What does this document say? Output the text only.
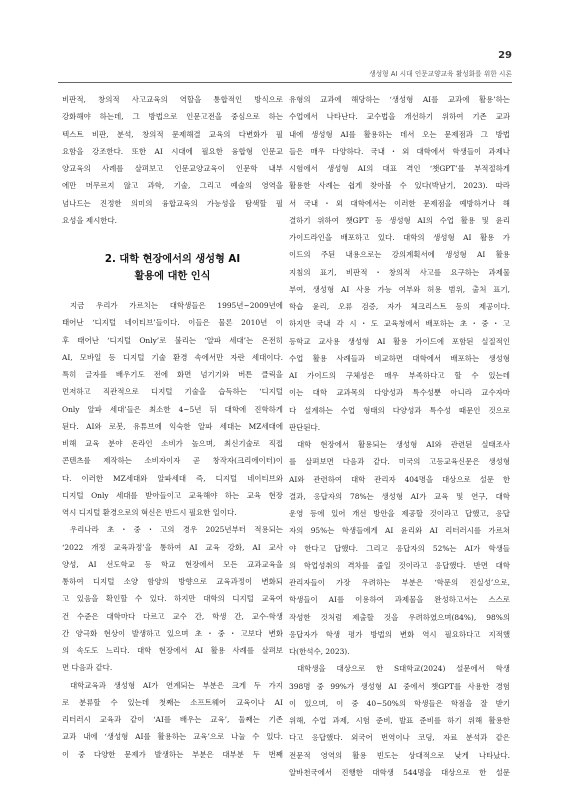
29
생성형 AI 시대 인문교양교육 활성화를 위한 시론
비판적, 창의적 사고교육의 역할을 통합적인 방식으로
강화해야 하는데, 그 방법으로 인문고전을 중심으로 하는
텍스트 비판, 분석, 창의적 문제해결 교육의 다변화가 필
요함을 강조한다. 또한 AI 시대에 필요한 융합형 인문교
양교육의 사례를 살펴보고 인문교양교육이 인문학 내부
에만 머무르지 않고 과학, 기술, 그리고 예술의 영역을
넘나드는 진정한 의미의 융합교육의 가능성을 탐색할 필
요성을 제시한다.
2. 대학 현장에서의 생성형 AI
활용에 대한 인식
지금 우리가 가르치는 대학생들은 1995년~2009년에
태어난 ‘디지털 네이티브’들이다. 이들은 물론 2010년 이
후 태어난 ‘디지털 Only’로 불리는 ‘알파 세대’는 온전히
AI, 모바일 등 디지털 기술 환경 속에서만 자란 세대이다.
특히 글자를 배우기도 전에 화면 넘기기와 버튼 클릭을
먼저하고 직관적으로 디지털 기술을 습득하는 ‘디지털
Only 알파 세대’들은 최소한 4~5년 뒤 대학에 진학하게
된다. AI와 로봇, 유튜브에 익숙한 알파 세대는 MZ세대에
비해 교육 분야 온라인 소비가 높으며, 최신기술로 직접
콘텐츠를 제작하는 소비자이자 곧 창작자(크리에이터)이
다. 이러한 MZ세대와 알파세대 즉, 디지털 네이티브와
디지털 Only 세대를 받아들이고 교육해야 하는 교육 현장
역시 디지털 환경으로의 혁신은 반드시 필요한 일이다.
우리나라 초・중・고의 경우 2025년부터 적용되는
‘2022 개정 교육과정’을 통하여 AI 교육 강화, AI 교사
양성, AI 선도학교 등 학교 현장에서 모든 교과교육을
통하여 디지털 소양 함양의 방향으로 교육과정이 변화되
고 있음을 확인할 수 있다. 하지만 대학의 디지털 교육여
건 수준은 대학마다 다르고 교수 간, 학생 간, 교수-학생
간 양극화 현상이 발생하고 있으며 초・중・고보다 변화
의 속도도 느리다. 대학 현장에서 AI 활용 사례를 살펴보
면 다음과 같다.
대학교육과 생성형 AI가 연계되는 부분은 크게 두 가지
로 분류할 수 있는데 첫째는 소프트웨어 교육이나 AI
리터러시 교육과 같이 ‘AI를 배우는 교육’, 둘째는 기존
교과 내에 ‘생성형 AI를 활용하는 교육’으로 나눌 수 있다.
이 중 다양한 문제가 발생하는 부분은 대부분 두 번째
유형의 교과에 해당하는 ‘생성형 AI를 교과에 활용’하는
수업에서 나타난다. 교수법을 개선하기 위하여 기존 교과
내에 생성형 AI를 활용하는 데서 오는 문제점과 그 방법
들은 매우 다양하다. 국내・외 대학에서 학생들이 과제나
시험에서 생성형 AI의 대표 격인 ‘챗GPT’를 부적절하게
활용한 사례는 쉽게 찾아볼 수 있다(박남기, 2023). 따라
서 국내・외 대학에서는 이러한 문제점을 예방하거나 해
결하기 위하여 챗GPT 등 생성형 AI의 수업 활용 및 윤리
가이드라인을 배포하고 있다. 대학의 생성형 AI 활용 가
이드의 주된 내용으로는 강의계획서에 생성형 AI 활용
지침의 표기, 비판적・창의적 사고를 요구하는 과제물
부여, 생성형 AI 사용 가능 여부와 허용 범위, 출처 표기,
학습 윤리, 오류 검증, 자가 체크리스트 등의 제공이다.
하지만 국내 각 시・도 교육청에서 배포하는 초・중・고
등학교 교사용 생성형 AI 활용 가이드에 포함된 실질적인
수업 활용 사례들과 비교하면 대학에서 배포하는 생성형
AI 가이드의 구체성은 매우 부족하다고 할 수 있는데
이는 대학 교과목의 다양성과 특수성뿐 아니라 교수자마
다 설계하는 수업 형태의 다양성과 특수성 때문인 것으로
판단된다.
대학 현장에서 활용되는 생성형 AI와 관련된 실태조사
를 살펴보면 다음과 같다. 미국의 고등교육신문은 생성형
AI와 관련하여 대학 관리자 404명을 대상으로 설문 한
결과, 응답자의 78%는 생성형 AI가 교육 및 연구, 대학
운영 등에 있어 개선 방안을 제공할 것이라고 답했고, 응답
자의 95%는 학생들에게 AI 윤리와 AI 리터러시를 가르쳐
야 한다고 답했다. 그리고 응답자의 52%는 AI가 학생들
의 학업성취의 격차를 줄일 것이라고 응답했다. 반면 대학
관리자들이 가장 우려하는 부분은 ‘학문의 진실성’으로,
학생들이 AI를 이용하여 과제물을 완성하고서는 스스로
작성한 것처럼 제출할 것을 우려하였으며(84%), 98%의
응답자가 학생 평가 방법의 변화 역시 필요하다고 지적했
다(한석수, 2023).
대학생을 대상으로 한 S대학교(2024) 설문에서 학생
398명 중 99%가 생성형 AI 중에서 챗GPT를 사용한 경험
이 있으며, 이 중 40~50%의 학생들은 학점을 잘 받기
위해, 수업 과제, 시험 준비, 발표 준비를 하기 위해 활용한
다고 응답했다. 외국어 번역이나 코딩, 자료 분석과 같은
전문적 영역의 활용 빈도는 상대적으로 낮게 나타났다.
알바천국에서 진행한 대학생 544명을 대상으로 한 설문
